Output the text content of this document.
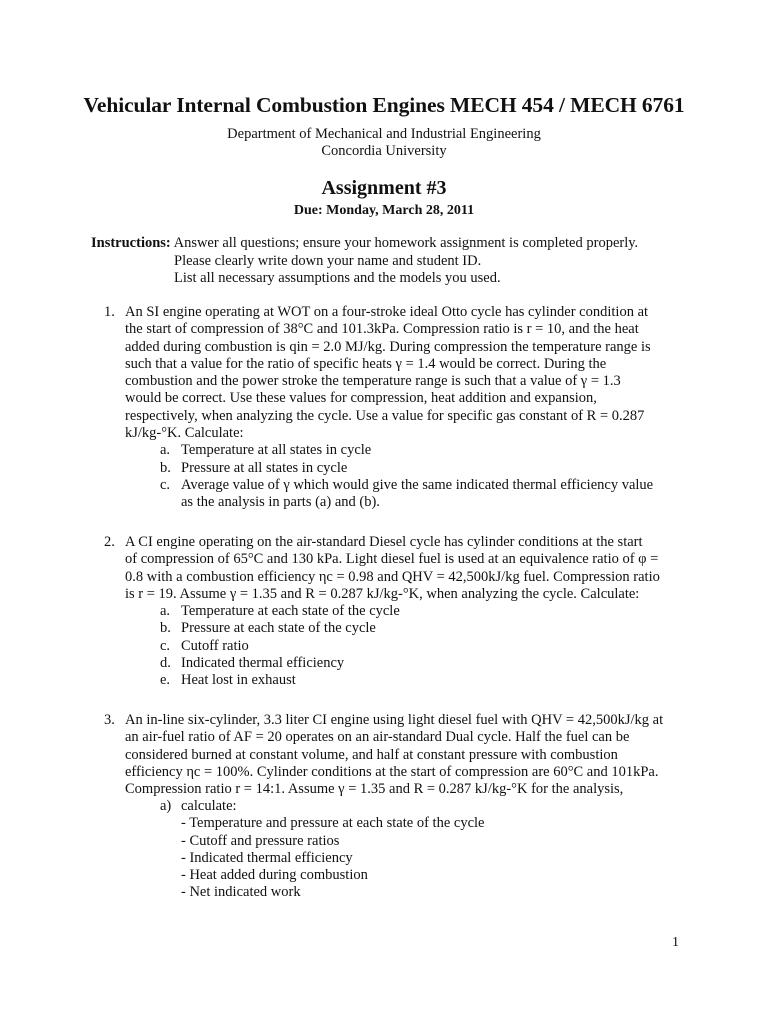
Vehicular Internal Combustion Engines MECH 454 / MECH 6761
Department of Mechanical and Industrial Engineering
Concordia University
Assignment #3
Due: Monday, March 28, 2011
Instructions: Answer all questions; ensure your homework assignment is completed properly.
Please clearly write down your name and student ID.
List all necessary assumptions and the models you used.
1. An SI engine operating at WOT on a four-stroke ideal Otto cycle has cylinder condition at
the start of compression of 38°C and 101.3kPa. Compression ratio is r = 10, and the heat
added during combustion is qin = 2.0 MJ/kg. During compression the temperature range is
such that a value for the ratio of specific heats γ = 1.4 would be correct. During the
combustion and the power stroke the temperature range is such that a value of γ = 1.3
would be correct. Use these values for compression, heat addition and expansion,
respectively, when analyzing the cycle. Use a value for specific gas constant of R = 0.287
kJ/kg-°K. Calculate:
a. Temperature at all states in cycle
b. Pressure at all states in cycle
c. Average value of γ which would give the same indicated thermal efficiency value
as the analysis in parts (a) and (b).
2. A CI engine operating on the air-standard Diesel cycle has cylinder conditions at the start
of compression of 65°C and 130 kPa. Light diesel fuel is used at an equivalence ratio of φ =
0.8 with a combustion efficiency ηc = 0.98 and QHV = 42,500kJ/kg fuel. Compression ratio
is r = 19. Assume γ = 1.35 and R = 0.287 kJ/kg-°K, when analyzing the cycle. Calculate:
a. Temperature at each state of the cycle
b. Pressure at each state of the cycle
c. Cutoff ratio
d. Indicated thermal efficiency
e. Heat lost in exhaust
3. An in-line six-cylinder, 3.3 liter CI engine using light diesel fuel with QHV = 42,500kJ/kg at
an air-fuel ratio of AF = 20 operates on an air-standard Dual cycle. Half the fuel can be
considered burned at constant volume, and half at constant pressure with combustion
efficiency ηc = 100%. Cylinder conditions at the start of compression are 60°C and 101kPa.
Compression ratio r = 14:1. Assume γ = 1.35 and R = 0.287 kJ/kg-°K for the analysis,
a) calculate:
- Temperature and pressure at each state of the cycle
- Cutoff and pressure ratios
- Indicated thermal efficiency
- Heat added during combustion
- Net indicated work
1
